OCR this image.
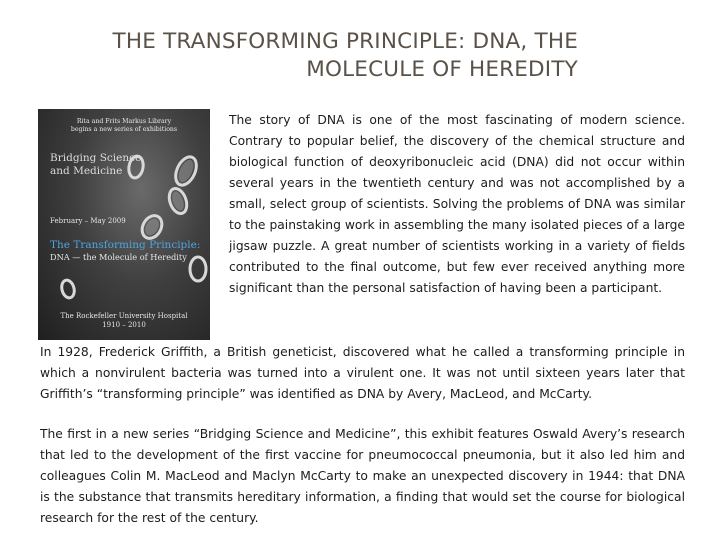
THE TRANSFORMING PRINCIPLE: DNA, THE
MOLECULE OF HEREDITY
Rita and Frits Markus Library
begins a new series of exhibitions
Bridging Science
and Medicine
February – May 2009
The Transforming Principle:
DNA — the Molecule of Heredity
The Rockefeller University Hospital
1910 – 2010

The story of DNA is one of the most fascinating of modern science. Contrary to popular belief, the discovery of the chemical structure and biological function of deoxyribonucleic acid (DNA) did not occur within several years in the twentieth century and was not accomplished by a small, select group of scientists. Solving the problems of DNA was similar to the painstaking work in assembling the many isolated pieces of a large jigsaw puzzle. A great number of scientists working in a variety of fields contributed to the final outcome, but few ever received anything more significant than the personal satisfaction of having been a participant.

In 1928, Frederick Griffith, a British geneticist, discovered what he called a transforming principle in which a nonvirulent bacteria was turned into a virulent one. It was not until sixteen years later that Griffith’s “transforming principle” was identified as DNA by Avery, MacLeod, and McCarty.

The first in a new series “Bridging Science and Medicine”, this exhibit features Oswald Avery’s research that led to the development of the first vaccine for pneumococcal pneumonia, but it also led him and colleagues Colin M. MacLeod and Maclyn McCarty to make an unexpected discovery in 1944: that DNA is the substance that transmits hereditary information, a finding that would set the course for biological research for the rest of the century.
